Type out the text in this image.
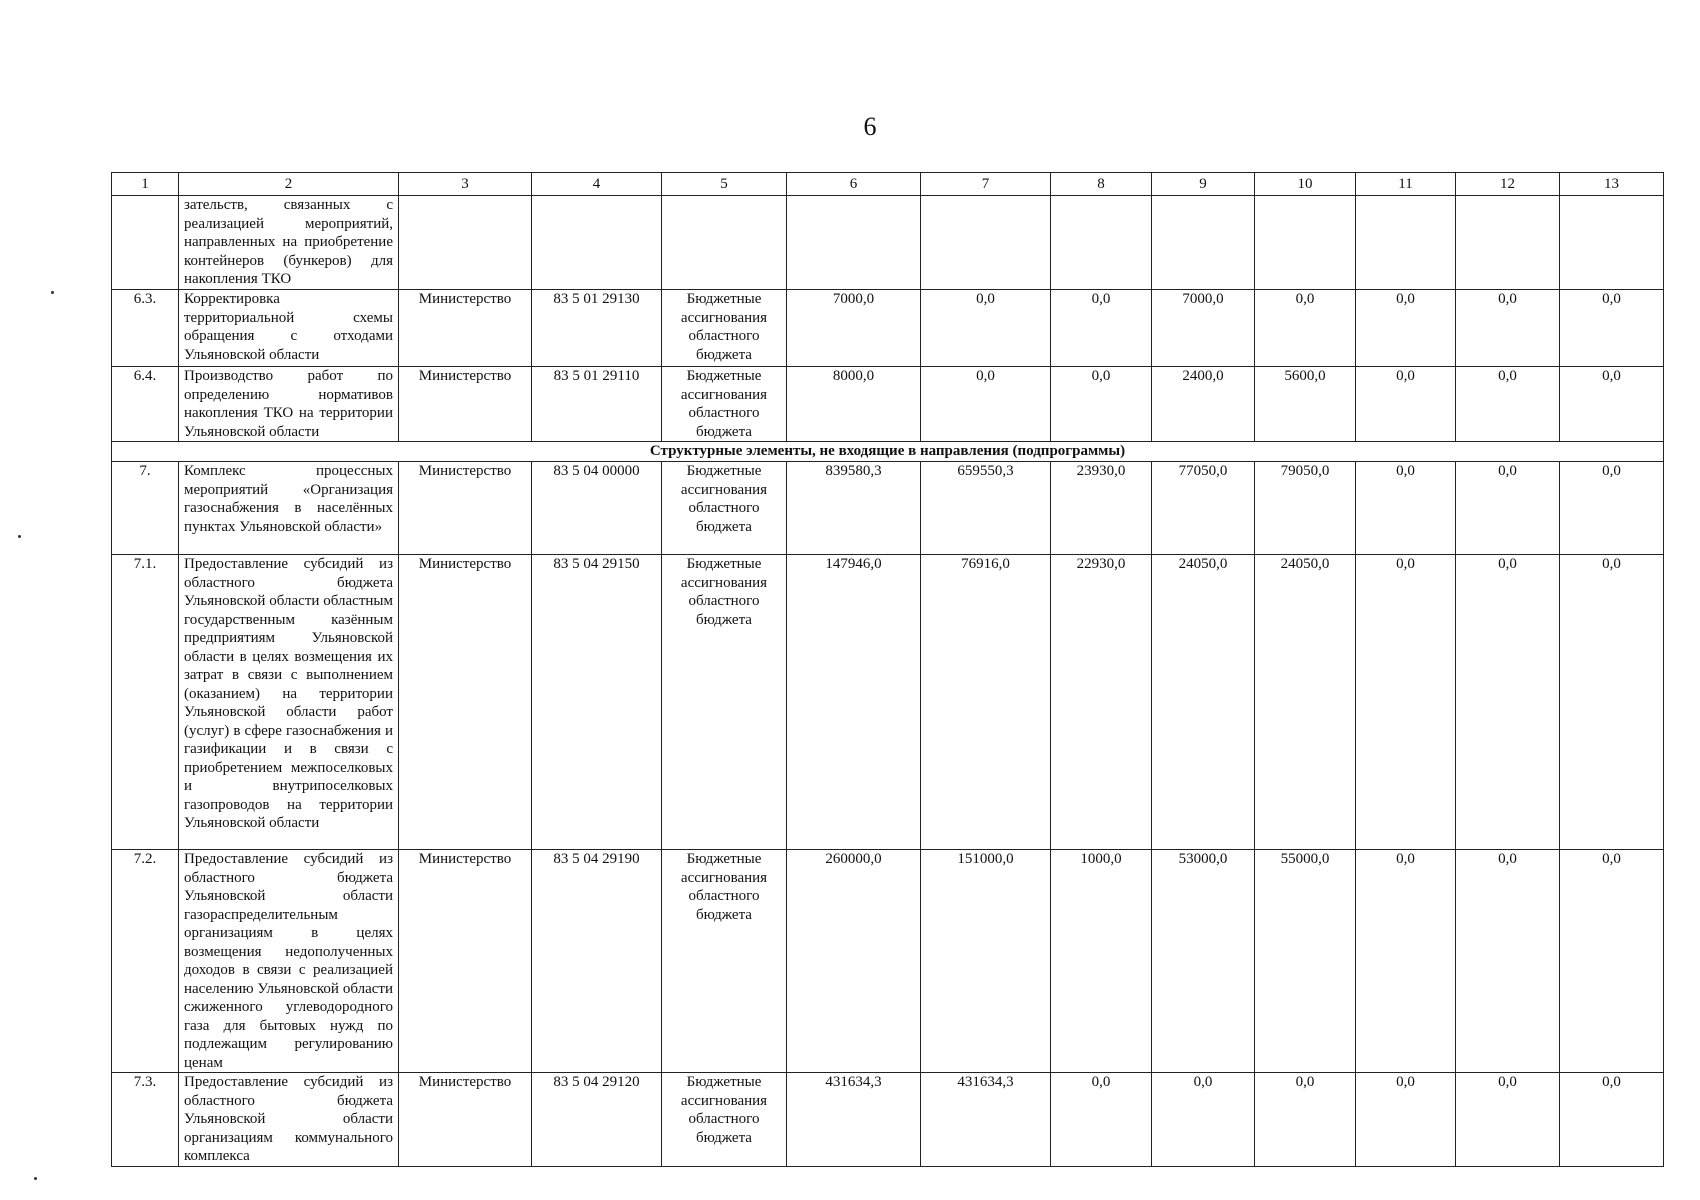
6
1	2	3	4	5	6	7	8	9	10	11	12	13
	зательств, связанных с реализацией мероприятий, направленных на приобретение контейнеров (бункеров) для накопления ТКО											
6.3.	Корректировка территориальной схемы обращения с отходами Ульяновской области	Министерство	83 5 01 29130	Бюджетные ассигнования областного бюджета	7000,0	0,0	0,0	7000,0	0,0	0,0	0,0	0,0
6.4.	Производство работ по определению нормативов накопления ТКО на территории Ульяновской области	Министерство	83 5 01 29110	Бюджетные ассигнования областного бюджета	8000,0	0,0	0,0	2400,0	5600,0	0,0	0,0	0,0
Структурные элементы, не входящие в направления (подпрограммы)												
7.	Комплекс процессных мероприятий «Организация газоснабжения в населённых пунктах Ульяновской области»	Министерство	83 5 04 00000	Бюджетные ассигнования областного бюджета	839580,3	659550,3	23930,0	77050,0	79050,0	0,0	0,0	0,0
7.1.	Предоставление субсидий из областного бюджета Ульяновской области областным государственным казённым предприятиям Ульяновской области в целях возмещения их затрат в связи с выполнением (оказанием) на территории Ульяновской области работ (услуг) в сфере газоснабжения и газификации и в связи с приобретением межпоселковых и внутрипоселковых газопроводов на территории Ульяновской области	Министерство	83 5 04 29150	Бюджетные ассигнования областного бюджета	147946,0	76916,0	22930,0	24050,0	24050,0	0,0	0,0	0,0
7.2.	Предоставление субсидий из областного бюджета Ульяновской области газораспределительным организациям в целях возмещения недополученных доходов в связи с реализацией населению Ульяновской области сжиженного углеводородного газа для бытовых нужд по подлежащим регулированию ценам	Министерство	83 5 04 29190	Бюджетные ассигнования областного бюджета	260000,0	151000,0	1000,0	53000,0	55000,0	0,0	0,0	0,0
7.3.	Предоставление субсидий из областного бюджета Ульяновской области организациям коммунального комплекса	Министерство	83 5 04 29120	Бюджетные ассигнования областного бюджета	431634,3	431634,3	0,0	0,0	0,0	0,0	0,0	0,0
